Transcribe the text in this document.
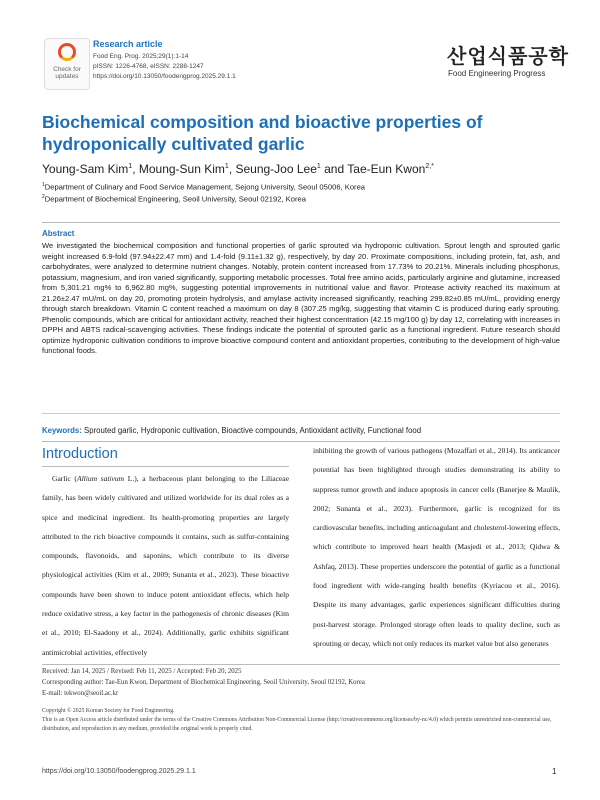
Check for updates
Research article
Food Eng. Prog. 2025;29(1):1-14
pISSN: 1226-4768, eISSN: 2288-1247
https://doi.org/10.13050/foodengprog.2025.29.1.1
산업식품공학
Food Engineering Progress
Biochemical composition and bioactive properties of
hydroponically cultivated garlic
Young-Sam Kim$^1$, Moung-Sun Kim$^1$, Seung-Joo Lee$^1$ and Tae-Eun Kwon$^{2,*}$
$^1$Department of Culinary and Food Service Management, Sejong University, Seoul 05006, Korea
$^2$Department of Biochemical Engineering, Seoil University, Seoul 02192, Korea
Abstract
We investigated the biochemical composition and functional properties of garlic sprouted via hydroponic cultivation. Sprout length and sprouted garlic weight increased 6.9-fold (97.94±22.47 mm) and 1.4-fold (9.11±1.32 g), respectively, by day 20. Proximate compositions, including protein, fat, ash, and carbohydrates, were analyzed to determine nutrient changes. Notably, protein content increased from 17.73% to 20.21%. Minerals including phosphorus, potassium, magnesium, and iron varied significantly, supporting metabolic processes. Total free amino acids, particularly arginine and glutamine, increased from 5,301.21 mg% to 6,962.80 mg%, suggesting potential improvements in nutritional value and flavor. Protease activity reached its maximum at 21.26±2.47 mU/mL on day 20, promoting protein hydrolysis, and amylase activity increased significantly, reaching 299.82±0.85 mU/mL, providing energy through starch breakdown. Vitamin C content reached a maximum on day 8 (307.25 mg/kg, suggesting that vitamin C is produced during early sprouting. Phenolic compounds, which are critical for antioxidant activity, reached their highest concentration (42.15 mg/100 g) by day 12, correlating with increases in DPPH and ABTS radical-scavenging activities. These findings indicate the potential of sprouted garlic as a functional ingredient. Future research should optimize hydroponic cultivation conditions to improve bioactive compound content and antioxidant properties, contributing to the development of high-value functional foods.
Keywords: Sprouted garlic, Hydroponic cultivation, Bioactive compounds, Antioxidant activity, Functional food
Introduction
Garlic (Allium sativum L.), a herbaceous plant belonging to the Liliaceae family, has been widely cultivated and utilized worldwide for its dual roles as a spice and medicinal ingredient. Its health-promoting properties are largely attributed to the rich bioactive compounds it contains, such as sulfur-containing compounds, flavonoids, and saponins, which contribute to its diverse physiological activities (Kim et al., 2009; Sunanta et al., 2023). These bioactive compounds have been shown to induce potent antioxidant effects, which help reduce oxidative stress, a key factor in the pathogenesis of chronic diseases (Kim et al., 2010; El-Saadony et al., 2024). Additionally, garlic exhibits significant antimicrobial activities, effectively
inhibiting the growth of various pathogens (Mozaffari et al., 2014). Its anticancer potential has been highlighted through studies demonstrating its ability to suppress tumor growth and induce apoptosis in cancer cells (Banerjee & Maulik, 2002; Sunanta et al., 2023). Furthermore, garlic is recognized for its cardiovascular benefits, including anticoagulant and cholesterol-lowering effects, which contribute to improved heart health (Masjedi et al., 2013; Qidwa & Ashfaq, 2013). These properties underscore the potential of garlic as a functional food ingredient with wide-ranging health benefits (Kyriacou et al., 2016). Despite its many advantages, garlic experiences significant difficulties during post-harvest storage. Prolonged storage often leads to quality decline, such as sprouting or decay, which not only reduces its market value but also generates
Received: Jan 14, 2025 / Revised: Feb 11, 2025 / Accepted: Feb 20, 2025
Corresponding author: Tae-Eun Kwon, Department of Biochemical Engineering, Seoil University, Seoul 02192, Korea
E-mail: tekwon@seoil.ac.kr
Copyright © 2025 Korean Society for Food Engineering.
This is an Open Access article distributed under the terms of the Creative Commons Attribution Non-Commercial License (http://creativecommons.org/licenses/by-nc/4.0) which permits unrestricted non-commercial use, distribution, and reproduction in any medium, provided the original work is properly cited.
https://doi.org/10.13050/foodengprog.2025.29.1.1	1
